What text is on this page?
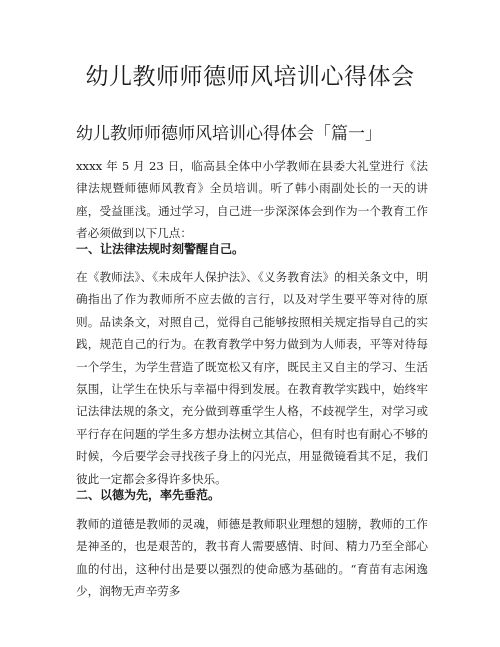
幼儿教师师德师风培训心得体会
幼儿教师师德师风培训心得体会「篇一」

xxxx 年 5 月 23 日，临高县全体中小学教师在县委大礼堂进行《法律法规暨师德师风教育》全员培训。听了韩小雨副处长的一天的讲座，受益匪浅。通过学习，自己进一步深深体会到作为一个教育工作者必须做到以下几点：

一、让法律法规时刻警醒自己。

在《教师法》、《未成年人保护法》、《义务教育法》的相关条文中，明确指出了作为教师所不应去做的言行，以及对学生要平等对待的原则。品读条文，对照自己，觉得自己能够按照相关规定指导自己的实践，规范自己的行为。在教育教学中努力做到为人师表，平等对待每一个学生，为学生营造了既宽松又有序，既民主又自主的学习、生活氛围，让学生在快乐与幸福中得到发展。在教育教学实践中，始终牢记法律法规的条文，充分做到尊重学生人格，不歧视学生，对学习或平行存在问题的学生多方想办法树立其信心，但有时也有耐心不够的时候，今后要学会寻找孩子身上的闪光点，用显微镜看其不足，我们彼此一定都会多得许多快乐。

二、以德为先，率先垂范。

教师的道德是教师的灵魂，师德是教师职业理想的翅膀，教师的工作是神圣的，也是艰苦的，教书育人需要感情、时间、精力乃至全部心血的付出，这种付出是要以强烈的使命感为基础的。“育苗有志闲逸少，润物无声辛劳多
